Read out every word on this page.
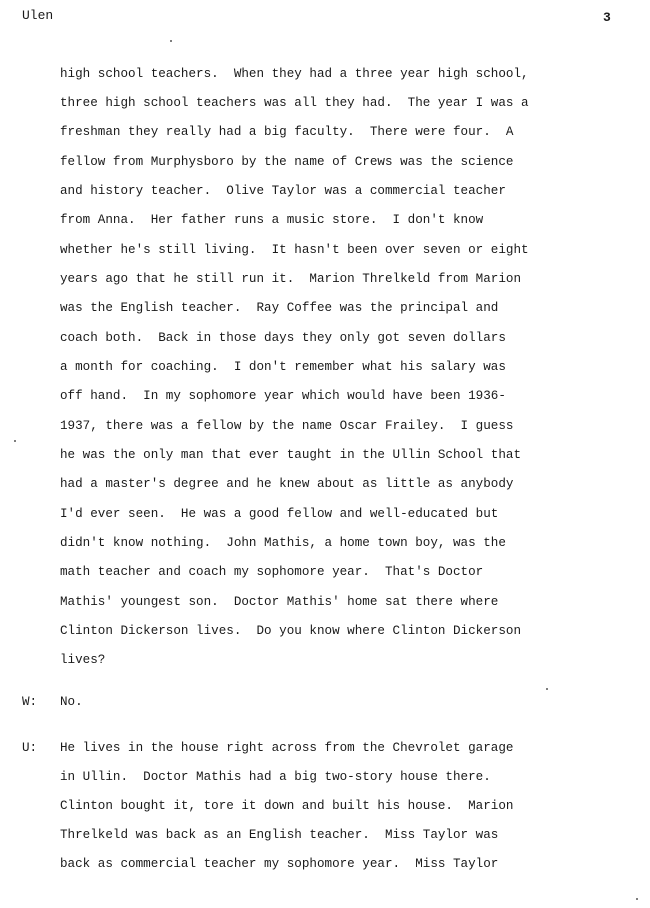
Ulen	3
high school teachers.  When they had a three year high school,
three high school teachers was all they had.  The year I was a
freshman they really had a big faculty.  There were four.  A
fellow from Murphysboro by the name of Crews was the science
and history teacher.  Olive Taylor was a commercial teacher
from Anna.  Her father runs a music store.  I don't know
whether he's still living.  It hasn't been over seven or eight
years ago that he still run it.  Marion Threlkeld from Marion
was the English teacher.  Ray Coffee was the principal and
coach both.  Back in those days they only got seven dollars
a month for coaching.  I don't remember what his salary was
off hand.  In my sophomore year which would have been 1936-
1937, there was a fellow by the name Oscar Frailey.  I guess
he was the only man that ever taught in the Ullin School that
had a master's degree and he knew about as little as anybody
I'd ever seen.  He was a good fellow and well-educated but
didn't know nothing.  John Mathis, a home town boy, was the
math teacher and coach my sophomore year.  That's Doctor
Mathis' youngest son.  Doctor Mathis' home sat there where
Clinton Dickerson lives.  Do you know where Clinton Dickerson
lives?
W: No.
U: He lives in the house right across from the Chevrolet garage
in Ullin.  Doctor Mathis had a big two-story house there.
Clinton bought it, tore it down and built his house.  Marion
Threlkeld was back as an English teacher.  Miss Taylor was
back as commercial teacher my sophomore year.  Miss Taylor
